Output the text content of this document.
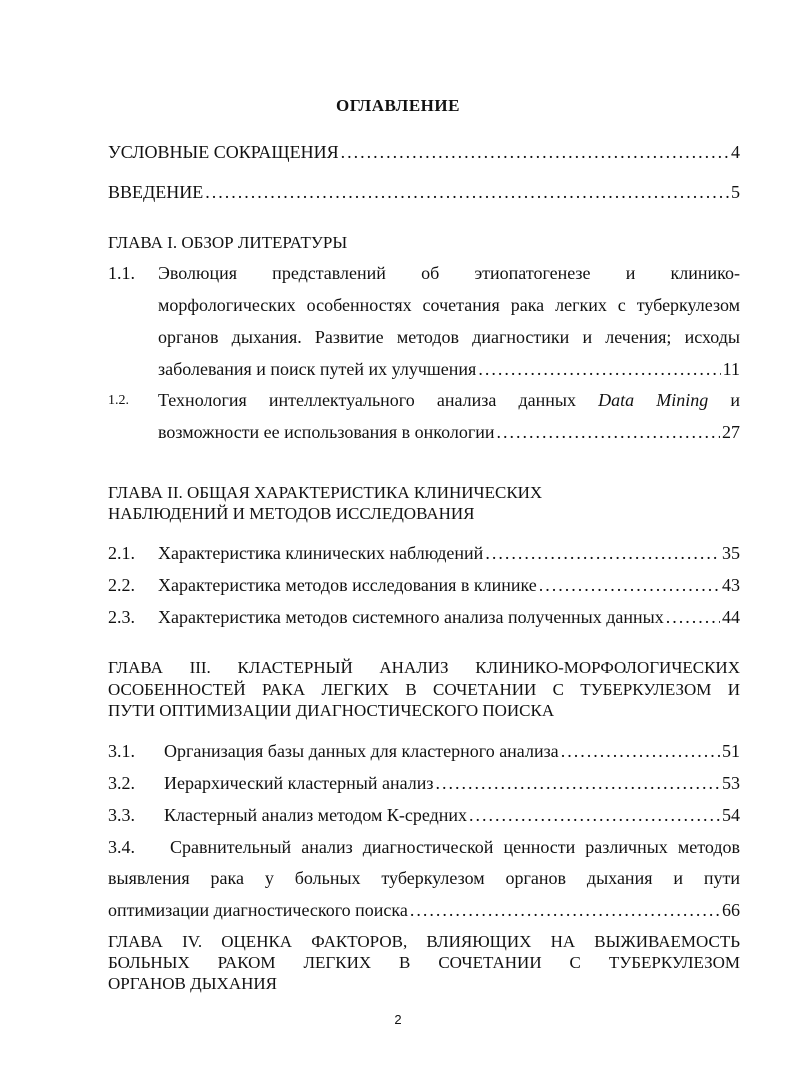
ОГЛАВЛЕНИЕ
УСЛОВНЫЕ СОКРАЩЕНИЯ .....	4
ВВЕДЕНИЕ .....	5
ГЛАВА I. ОБЗОР ЛИТЕРАТУРЫ
1.1. Эволюция представлений об этиопатогенезе и клинико-
морфологических особенностях сочетания рака легких с туберкулезом
органов дыхания. Развитие методов диагностики и лечения; исходы
заболевания и поиск путей их улучшения .....	11
1.2. Технология интеллектуального анализа данных Data Mining и
возможности ее использования в онкологии .....	27
ГЛАВА II. ОБЩАЯ ХАРАКТЕРИСТИКА КЛИНИЧЕСКИХ
НАБЛЮДЕНИЙ И МЕТОДОВ ИССЛЕДОВАНИЯ
2.1. Характеристика клинических наблюдений .....	35
2.2. Характеристика методов исследования в клинике .....	43
2.3. Характеристика методов системного анализа полученных данных .....	44
ГЛАВА III. КЛАСТЕРНЫЙ АНАЛИЗ КЛИНИКО-МОРФОЛОГИЧЕСКИХ
ОСОБЕННОСТЕЙ РАКА ЛЕГКИХ В СОЧЕТАНИИ С ТУБЕРКУЛЕЗОМ И
ПУТИ ОПТИМИЗАЦИИ ДИАГНОСТИЧЕСКОГО ПОИСКА
3.1. Организация базы данных для кластерного анализа .....	51
3.2. Иерархический кластерный анализ .....	53
3.3. Кластерный анализ методом К-средних .....	54
3.4. Сравнительный анализ диагностической ценности различных методов
выявления рака у больных туберкулезом органов дыхания и пути
оптимизации диагностического поиска .....	66
ГЛАВА IV. ОЦЕНКА ФАКТОРОВ, ВЛИЯЮЩИХ НА ВЫЖИВАЕМОСТЬ
БОЛЬНЫХ РАКОМ ЛЕГКИХ В СОЧЕТАНИИ С ТУБЕРКУЛЕЗОМ
ОРГАНОВ ДЫХАНИЯ
2
